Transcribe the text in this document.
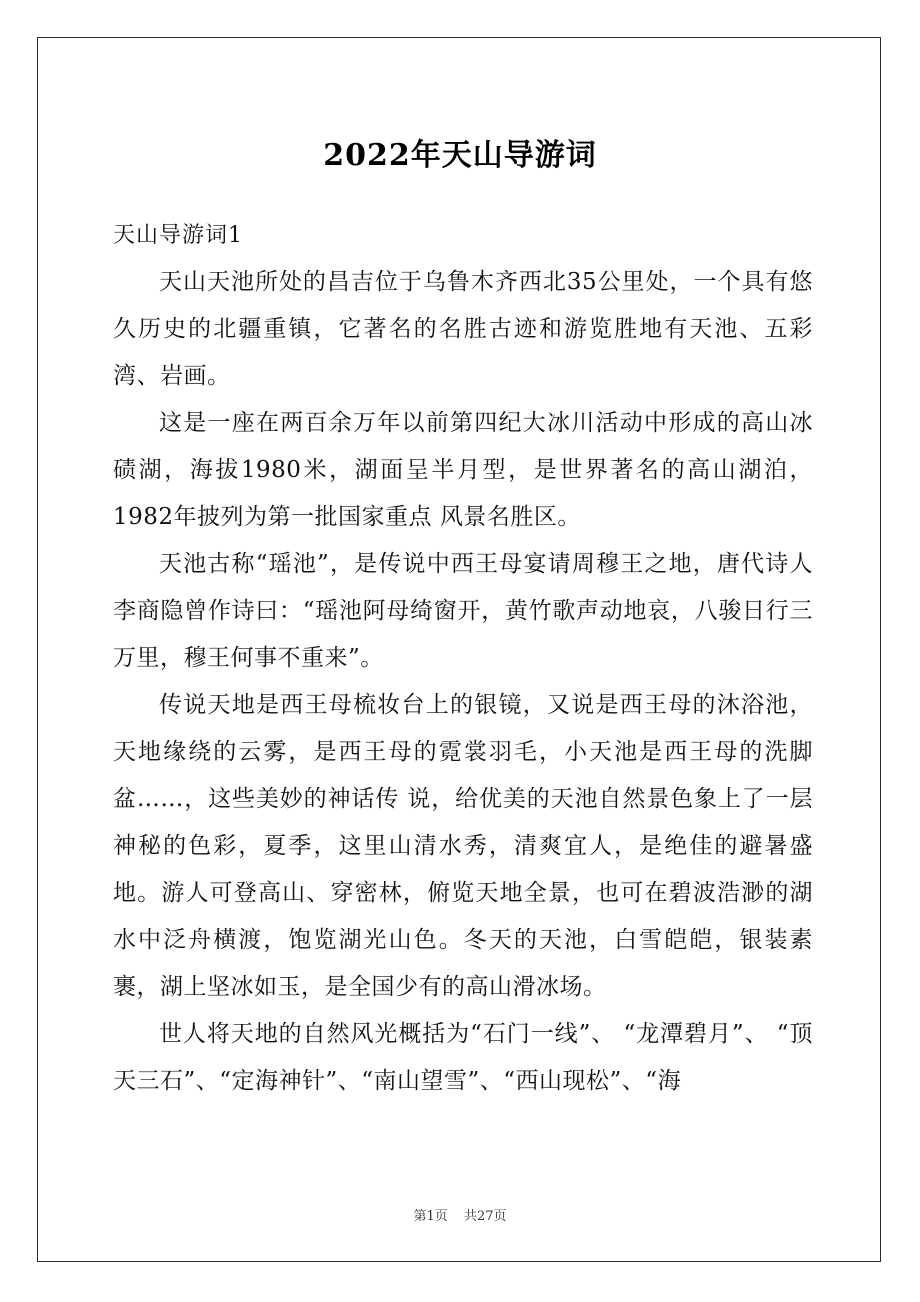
2022年天山导游词

天山导游词1

天山天池所处的昌吉位于乌鲁木齐西北35公里处，一个具有悠久历史的北疆重镇，它著名的名胜古迹和游览胜地有天池、五彩湾、岩画。

这是一座在两百余万年以前第四纪大冰川活动中形成的高山冰碛湖，海拔1980米，湖面呈半月型，是世界著名的高山湖泊，1982年披列为第一批国家重点 风景名胜区。

天池古称“瑶池”，是传说中西王母宴请周穆王之地，唐代诗人李商隐曾作诗曰：“瑶池阿母绮窗开，黄竹歌声动地哀，八骏日行三万里，穆王何事不重来”。

传说天地是西王母梳妆台上的银镜，又说是西王母的沐浴池，天地缘绕的云雾，是西王母的霓裳羽毛，小天池是西王母的洗脚盆……，这些美妙的神话传 说，给优美的天池自然景色象上了一层神秘的色彩，夏季，这里山清水秀，清爽宜人，是绝佳的避暑盛地。游人可登高山、穿密林，俯览天地全景，也可在碧波浩渺的湖水中泛舟横渡，饱览湖光山色。冬天的天池，白雪皑皑，银装素裹，湖上坚冰如玉，是全国少有的高山滑冰场。

世人将天地的自然风光概括为“石门一线”、 “龙潭碧月”、 “顶天三石”、“定海神针”、“南山望雪”、“西山现松”、“海

第1页 共27页
